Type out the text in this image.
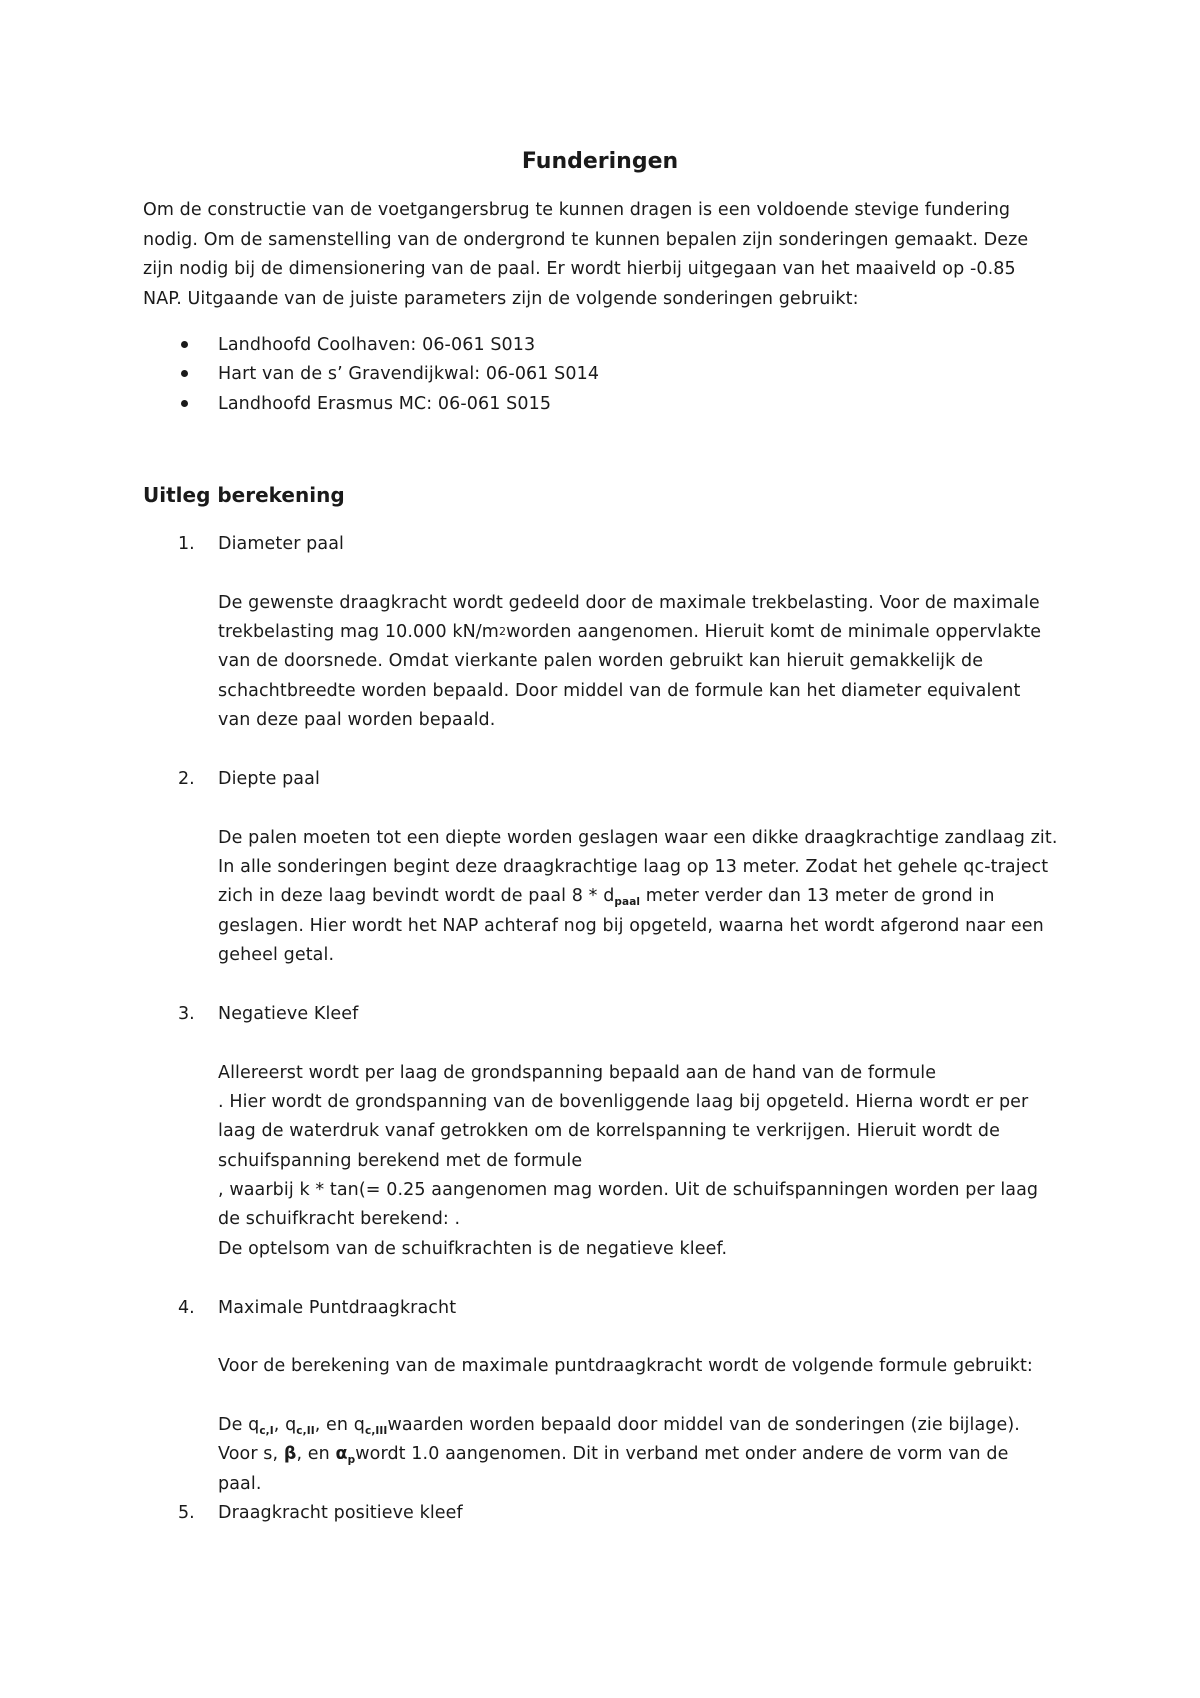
Funderingen
Om de constructie van de voetgangersbrug te kunnen dragen is een voldoende stevige fundering
nodig. Om de samenstelling van de ondergrond te kunnen bepalen zijn sonderingen gemaakt. Deze
zijn nodig bij de dimensionering van de paal. Er wordt hierbij uitgegaan van het maaiveld op -0.85
NAP. Uitgaande van de juiste parameters zijn de volgende sonderingen gebruikt:
Landhoofd Coolhaven: 06-061 S013
Hart van de s’ Gravendijkwal: 06-061 S014
Landhoofd Erasmus MC: 06-061 S015
Uitleg berekening
1. Diameter paal
De gewenste draagkracht wordt gedeeld door de maximale trekbelasting. Voor de maximale
trekbelasting mag 10.000 $kN/m^2worden$ aangenomen. Hieruit komt de minimale oppervlakte
van de doorsnede. Omdat vierkante palen worden gebruikt kan hieruit gemakkelijk de
schachtbreedte worden bepaald. Door middel van de formule kan het diameter equivalent
van deze paal worden bepaald.
2. Diepte paal
De palen moeten tot een diepte worden geslagen waar een dikke draagkrachtige zandlaag zit.
In alle sonderingen begint deze draagkrachtige laag op 13 meter. Zodat het gehele qc-traject
zich in deze laag bevindt wordt de paal $8 * d_{paal}$ meter verder dan 13 meter de grond in
geslagen. Hier wordt het NAP achteraf nog bij opgeteld, waarna het wordt afgerond naar een
geheel getal.
3. Negatieve Kleef
Allereerst wordt per laag de grondspanning bepaald aan de hand van de formule
. Hier wordt de grondspanning van de bovenliggende laag bij opgeteld. Hierna wordt er per
laag de waterdruk vanaf getrokken om de korrelspanning te verkrijgen. Hieruit wordt de
schuifspanning berekend met de formule
, waarbij k * tan(= 0.25 aangenomen mag worden. Uit de schuifspanningen worden per laag
de schuifkracht berekend: .
De optelsom van de schuifkrachten is de negatieve kleef.
4. Maximale Puntdraagkracht
Voor de berekening van de maximale puntdraagkracht wordt de volgende formule gebruikt:
De $q_{c,I}$, $q_{c,II}$, en $q_{c,III}waarden$ worden bepaald door middel van de sonderingen (zie bijlage).
Voor s, β, en $\alpha_pwordt$ 1.0 aangenomen. Dit in verband met onder andere de vorm van de
paal.
5. Draagkracht positieve kleef
